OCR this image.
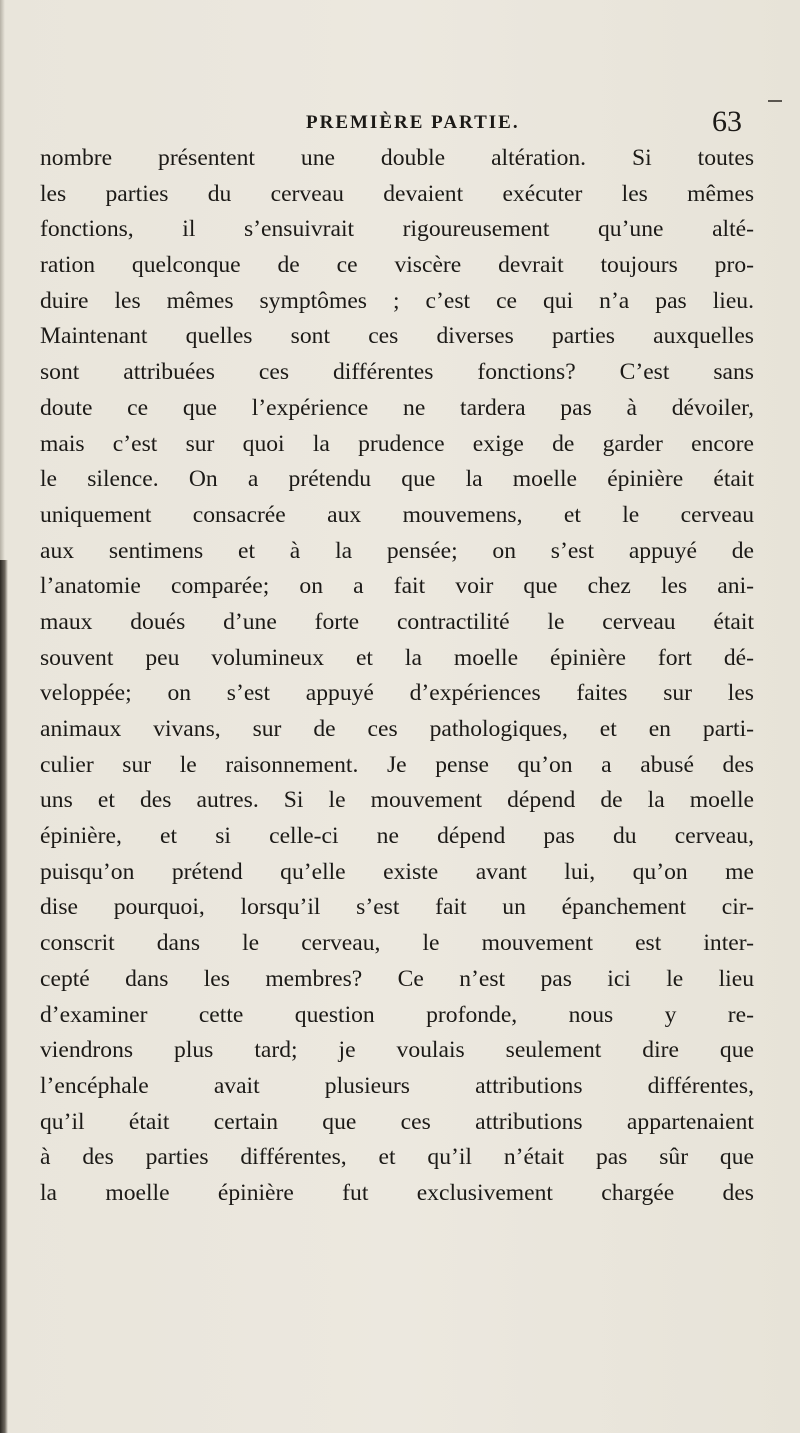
PREMIÈRE PARTIE.	63
nombre présentent une double altération. Si toutes
les parties du cerveau devaient exécuter les mêmes
fonctions, il s’ensuivrait rigoureusement qu’une alté-
ration quelconque de ce viscère devrait toujours pro-
duire les mêmes symptômes ; c’est ce qui n’a pas lieu.
Maintenant quelles sont ces diverses parties auxquelles
sont attribuées ces différentes fonctions? C’est sans
doute ce que l’expérience ne tardera pas à dévoiler,
mais c’est sur quoi la prudence exige de garder encore
le silence. On a prétendu que la moelle épinière était
uniquement consacrée aux mouvemens, et le cerveau
aux sentimens et à la pensée; on s’est appuyé de
l’anatomie comparée; on a fait voir que chez les ani-
maux doués d’une forte contractilité le cerveau était
souvent peu volumineux et la moelle épinière fort dé-
veloppée; on s’est appuyé d’expériences faites sur les
animaux vivans, sur de ces pathologiques, et en parti-
culier sur le raisonnement. Je pense qu’on a abusé des
uns et des autres. Si le mouvement dépend de la moelle
épinière, et si celle-ci ne dépend pas du cerveau,
puisqu’on prétend qu’elle existe avant lui, qu’on me
dise pourquoi, lorsqu’il s’est fait un épanchement cir-
conscrit dans le cerveau, le mouvement est inter-
cepté dans les membres? Ce n’est pas ici le lieu
d’examiner cette question profonde, nous y re-
viendrons plus tard; je voulais seulement dire que
l’encéphale avait plusieurs attributions différentes,
qu’il était certain que ces attributions appartenaient
à des parties différentes, et qu’il n’était pas sûr que
la moelle épinière fut exclusivement chargée des
